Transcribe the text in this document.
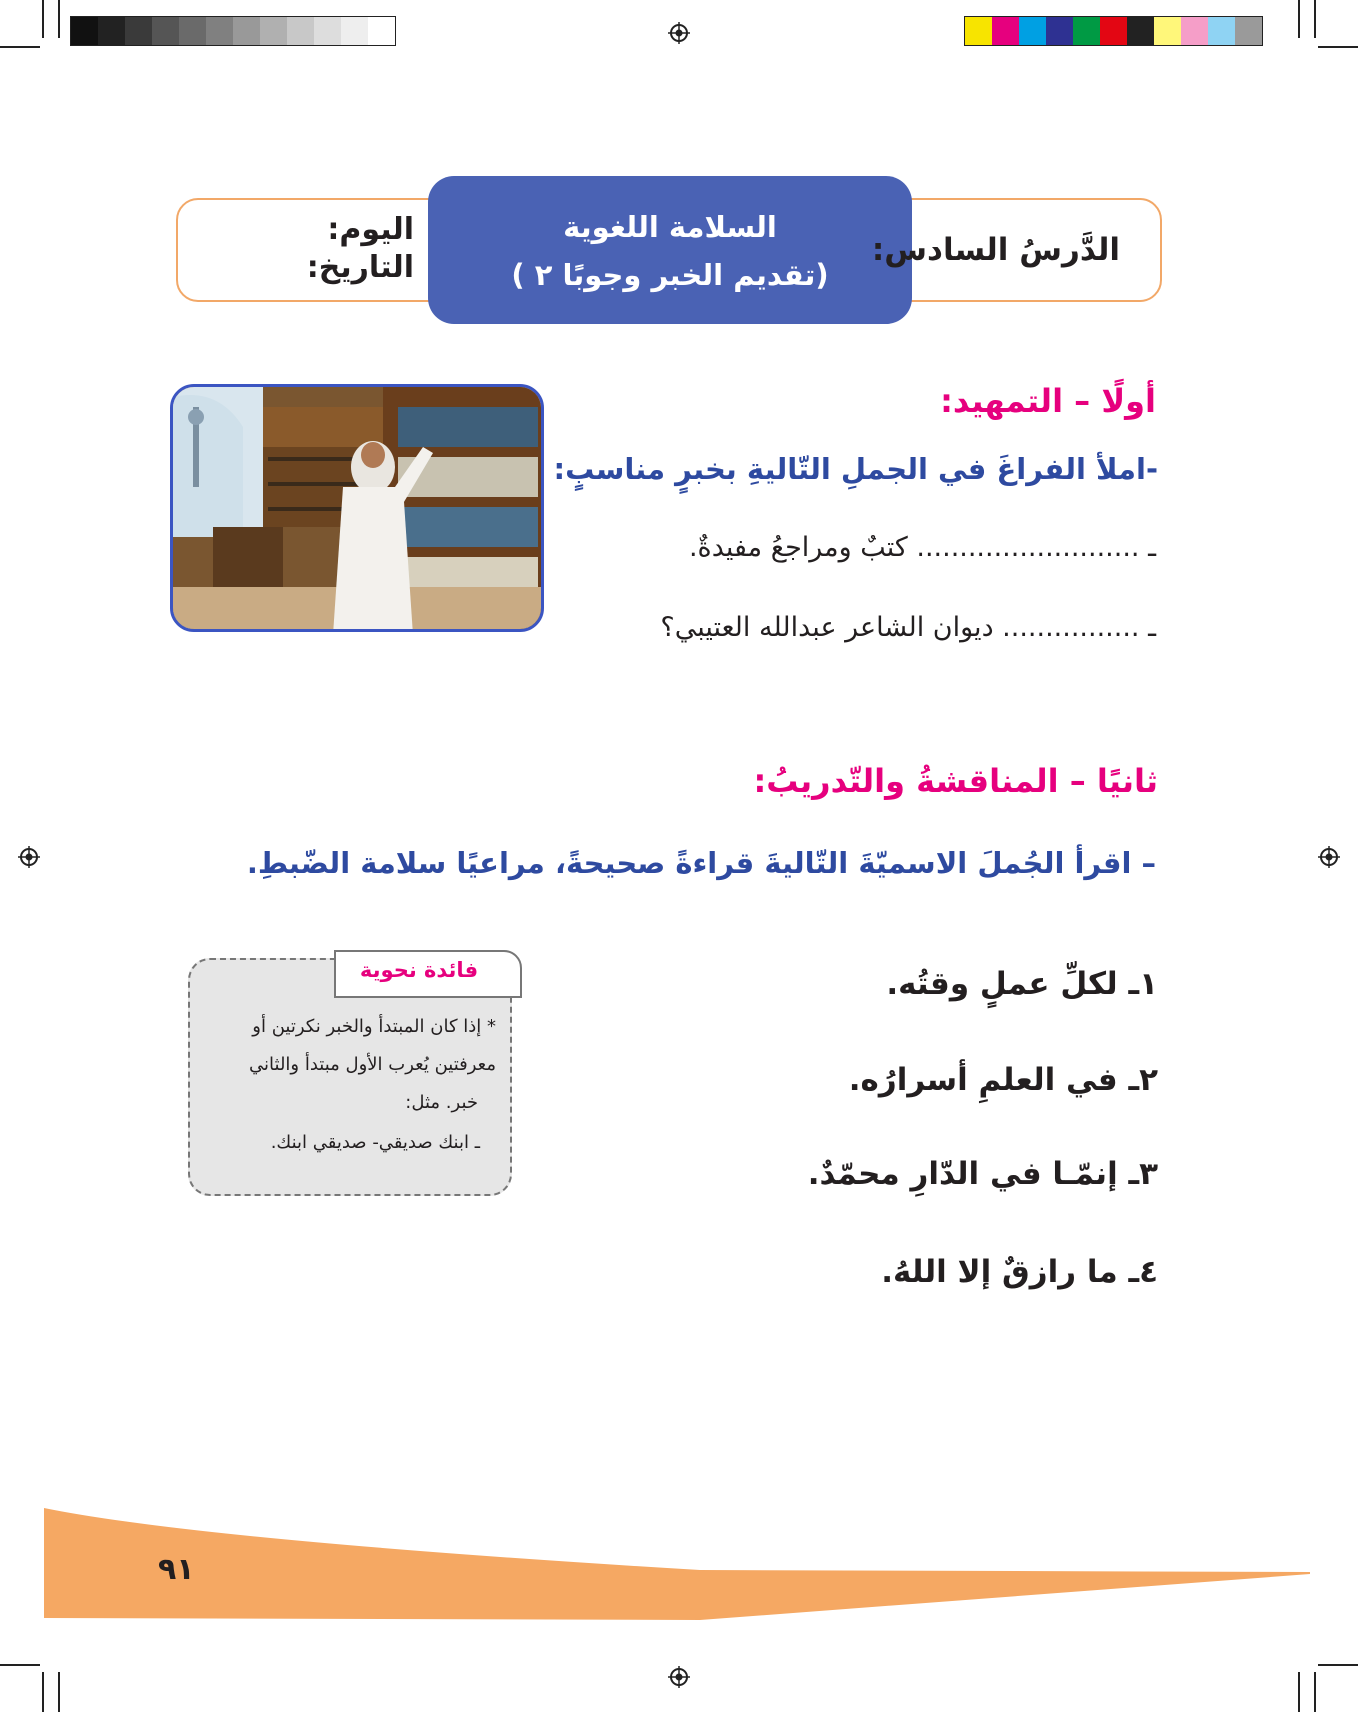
السلامة اللغوية
(تقديم الخبر وجوبًا ٢ )
الدَّرسُ السادس:
اليوم:
التاريخ:
أولًا – التمهيد:
-املأ الفراغَ في الجملِ التّاليةِ بخبرٍ مناسبٍ:
ـ .......................... كتبٌ ومراجعُ مفيدةٌ.
ـ ................ ديوان الشاعر عبدالله العتيبي؟
ثانيًا – المناقشةُ والتّدريبُ:
– اقرأ الجُملَ الاسميّةَ التّاليةَ قراءةً صحيحةً، مراعيًا سلامة الضّبطِ.
١ـ لكلِّ عملٍ وقتُه.
٢ـ في العلمِ أسرارُه.
٣ـ إنمّـا في الدّارِ محمّدٌ.
٤ـ ما رازقٌ إلا اللهُ.
فائدة نحوية
* إذا كان المبتدأ والخبر نكرتين أو
معرفتين يُعرب الأول مبتدأ والثاني
خبر. مثل:
ـ ابنك صديقي- صديقي ابنك.
٩١
